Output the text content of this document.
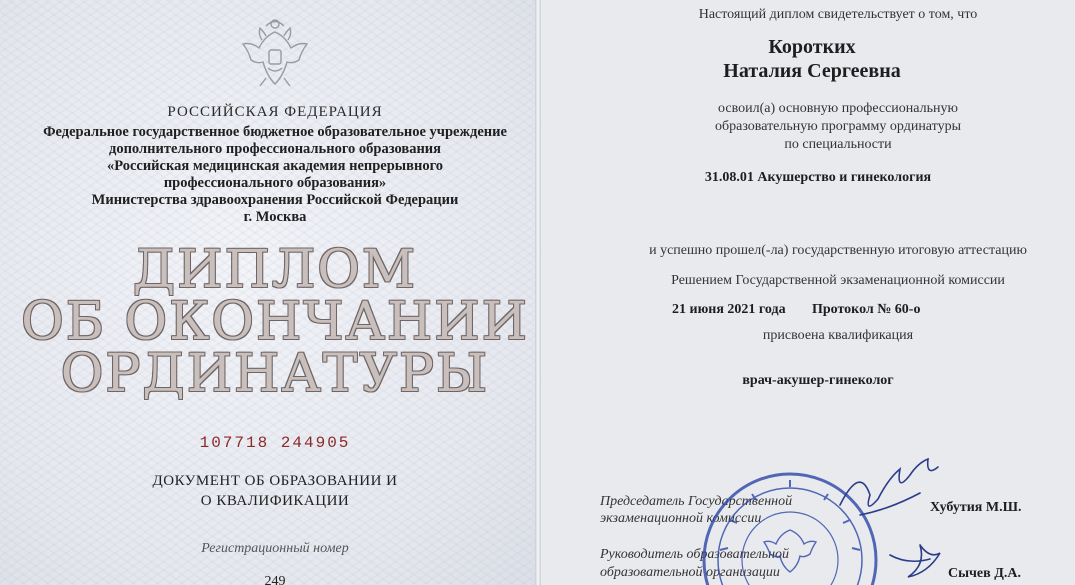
РОССИЙСКАЯ ФЕДЕРАЦИЯ

Федеральное государственное бюджетное образовательное учреждение

дополнительного профессионального образования

«Российская медицинская академия непрерывного

профессионального образования»

Министерства здравоохранения Российской Федерации

г. Москва

ДИПЛОМ

ОБ ОКОНЧАНИИ

ОРДИНАТУРЫ

107718 244905

ДОКУМЕНТ ОБ ОБРАЗОВАНИИ И

О КВАЛИФИКАЦИИ

Регистрационный номер

249

Настоящий диплом свидетельствует о том, что

Коротких

Наталия Сергеевна

освоил(а) основную профессиональную

образовательную программу ординатуры

по специальности

31.08.01 Акушерство и гинекология

и успешно прошел(-ла) государственную итоговую аттестацию

Решением Государственной экзаменационной комиссии

21 июня 2021 года Протокол № 60-о

присвоена квалификация

врач-акушер-гинеколог

Председатель Государственной

экзаменационной комиссии

Хубутия М.Ш.

Руководитель образовательной

образовательной организации	Сычев Д.А.
